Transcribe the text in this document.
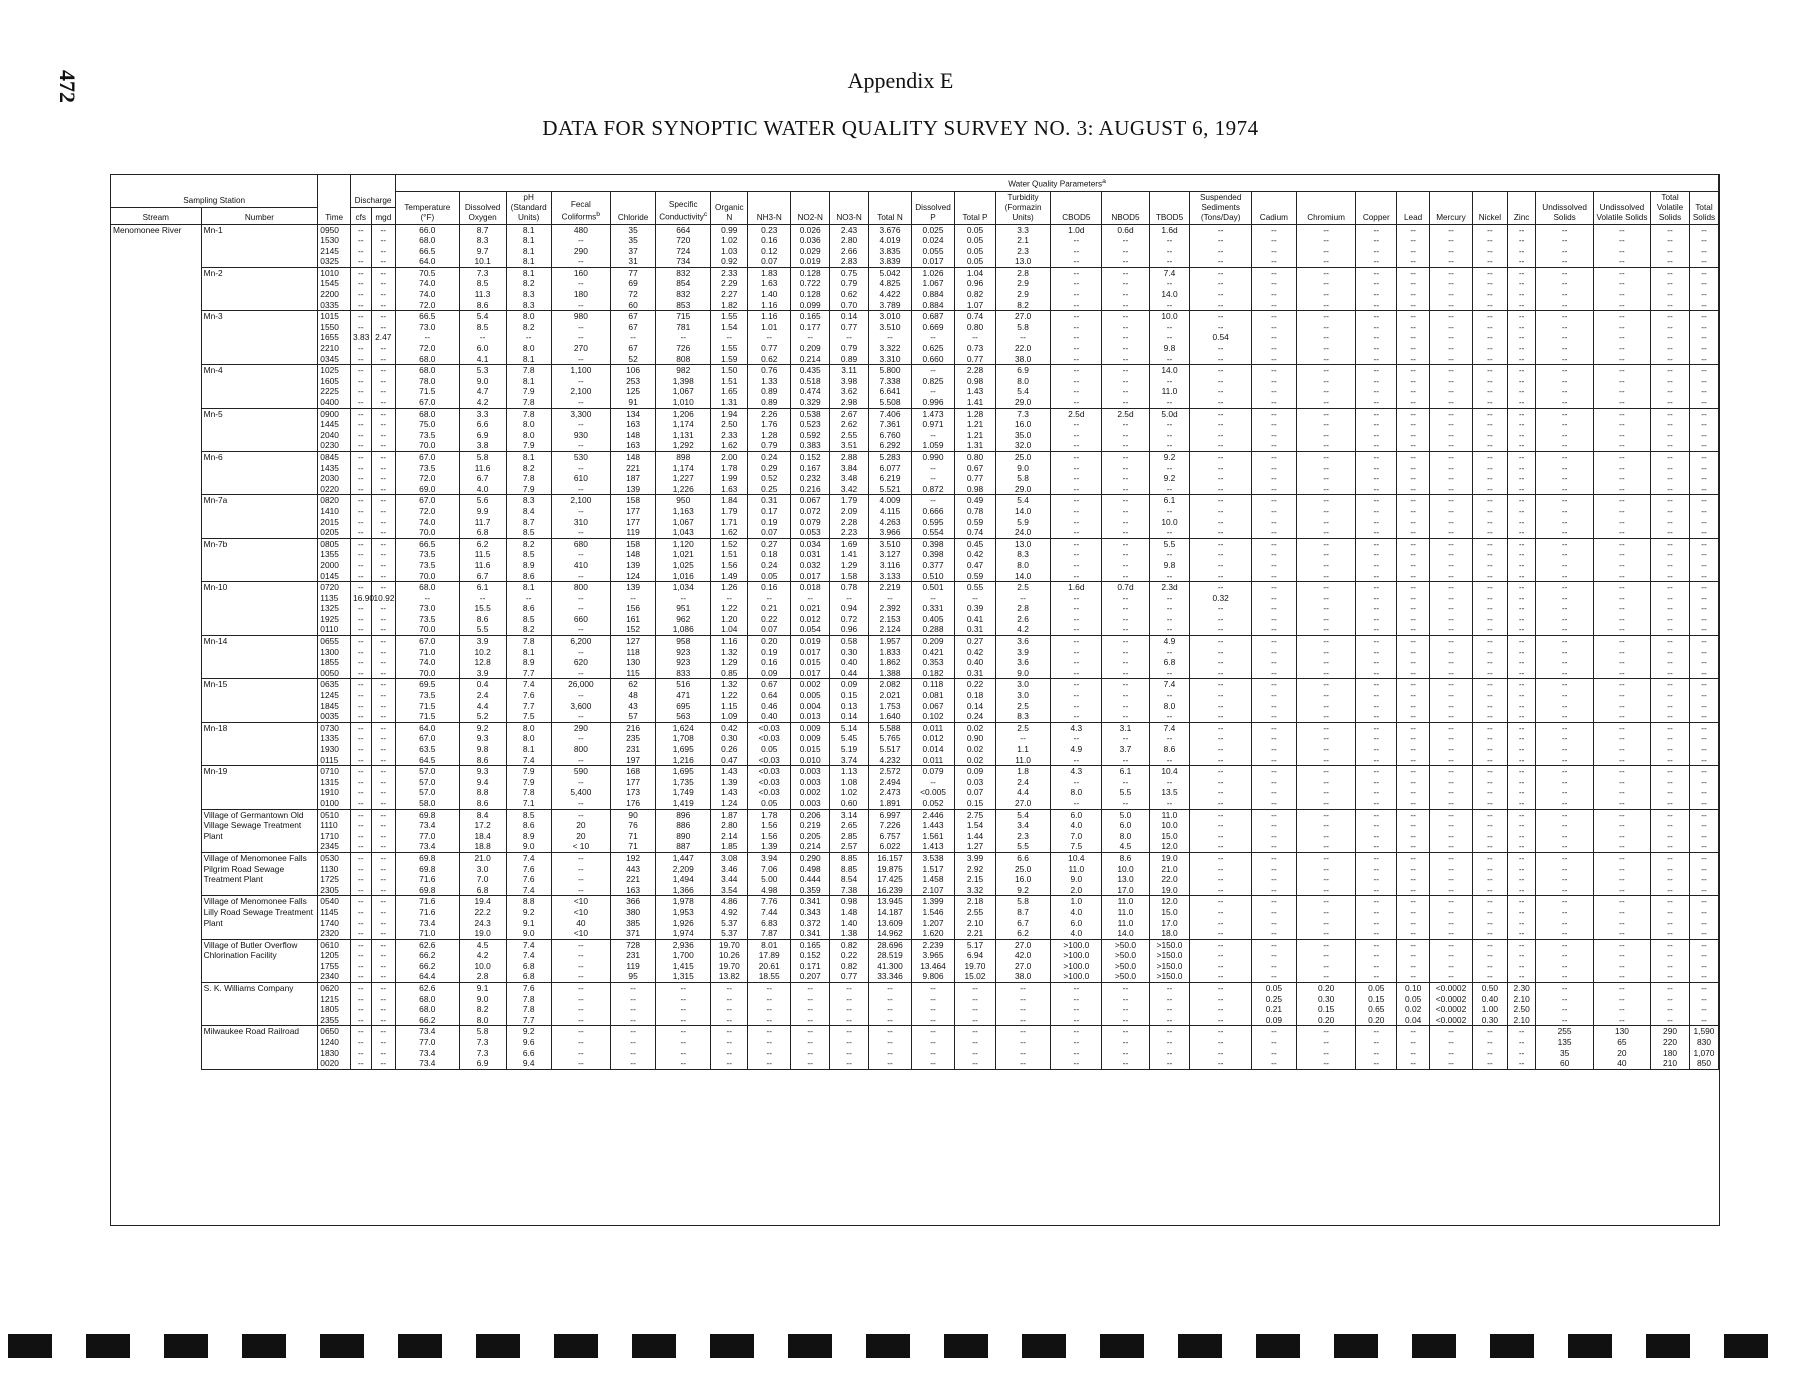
472	Appendix E
DATA FOR SYNOPTIC WATER QUALITY SURVEY NO. 3: AUGUST 6, 1974
		Time	Discharge		Water Quality Parameters$^a$
Sampling Station					Temperature (°F)	Dissolved Oxygen	pH (Standard Units)	Fecal Coliforms$^b$	Chloride	Specific Conductivity$^c$	Organic N	NH3-N	NO2-N	NO3-N	Total N	Dissolved P	Total P	Turbidity (Formazin Units)	CBOD5	NBOD5	TBOD5	Suspended Sediments (Tons/Day)	Cadium	Chromium	Copper	Lead	Mercury	Nickel	Zinc	Undissolved Solids	Undissolved Volatile Solids	Total Volatile Solids	Total Solids
Stream	Number		cfs	mgd																													
Menomonee River	Mn-1	0950	--	--	66.0	8.7	8.1	480	35	664	0.99	0.23	0.026	2.43	3.676	0.025	0.05	3.3	1.0d	0.6d	1.6d	--	--	--	--	--	--	--	--	--	--	--	--
		1530	--	--	68.0	8.3	8.1	--	35	720	1.02	0.16	0.036	2.80	4.019	0.024	0.05	2.1	--	--	--	--	--	--	--	--	--	--	--	--	--	--	--
		2145	--	--	66.5	9.7	8.1	290	37	724	1.03	0.12	0.029	2.66	3.835	0.055	0.05	2.3	--	--	--	--	--	--	--	--	--	--	--	--	--	--	--
		0325	--	--	64.0	10.1	8.1	--	31	734	0.92	0.07	0.019	2.83	3.839	0.017	0.05	13.0	--	--	--	--	--	--	--	--	--	--	--	--	--	--	--
	Mn-2	1010	--	--	70.5	7.3	8.1	160	77	832	2.33	1.83	0.128	0.75	5.042	1.026	1.04	2.8	--	--	7.4	--	--	--	--	--	--	--	--	--	--	--	--
		1545	--	--	74.0	8.5	8.2	--	69	854	2.29	1.63	0.722	0.79	4.825	1.067	0.96	2.9	--	--	--	--	--	--	--	--	--	--	--	--	--	--	--
		2200	--	--	74.0	11.3	8.3	180	72	832	2.27	1.40	0.128	0.62	4.422	0.884	0.82	2.9	--	--	14.0	--	--	--	--	--	--	--	--	--	--	--	--
		0335	--	--	72.0	8.6	8.3	--	60	853	1.82	1.16	0.099	0.70	3.789	0.884	1.07	8.2	--	--	--	--	--	--	--	--	--	--	--	--	--	--	--
	Mn-3	1015	--	--	66.5	5.4	8.0	980	67	715	1.55	1.16	0.165	0.14	3.010	0.687	0.74	27.0	--	--	10.0	--	--	--	--	--	--	--	--	--	--	--	--
		1550	--	--	73.0	8.5	8.2	--	67	781	1.54	1.01	0.177	0.77	3.510	0.669	0.80	5.8	--	--	--	--	--	--	--	--	--	--	--	--	--	--	--
		1655	3.83	2.47	--	--	--	--	--	--	--	--	--	--	--	--	--	--	--	--	--	0.54	--	--	--	--	--	--	--	--	--	--	--
		2210	--	--	72.0	6.0	8.0	270	67	726	1.55	0.77	0.209	0.79	3.322	0.625	0.73	22.0	--	--	9.8	--	--	--	--	--	--	--	--	--	--	--	--
		0345	--	--	68.0	4.1	8.1	--	52	808	1.59	0.62	0.214	0.89	3.310	0.660	0.77	38.0	--	--	--	--	--	--	--	--	--	--	--	--	--	--	--
	Mn-4	1025	--	--	68.0	5.3	7.8	1,100	106	982	1.50	0.76	0.435	3.11	5.800	--	2.28	6.9	--	--	14.0	--	--	--	--	--	--	--	--	--	--	--	--
		1605	--	--	78.0	9.0	8.1	--	253	1,398	1.51	1.33	0.518	3.98	7.338	0.825	0.98	8.0	--	--	--	--	--	--	--	--	--	--	--	--	--	--	--
		2225	--	--	71.5	4.7	7.9	2,100	125	1,067	1.65	0.89	0.474	3.62	6.641	--	1.43	5.4	--	--	11.0	--	--	--	--	--	--	--	--	--	--	--	--
		0400	--	--	67.0	4.2	7.8	--	91	1,010	1.31	0.89	0.329	2.98	5.508	0.996	1.41	29.0	--	--	--	--	--	--	--	--	--	--	--	--	--	--	--
	Mn-5	0900	--	--	68.0	3.3	7.8	3,300	134	1,206	1.94	2.26	0.538	2.67	7.406	1.473	1.28	7.3	2.5d	2.5d	5.0d	--	--	--	--	--	--	--	--	--	--	--	--
		1445	--	--	75.0	6.6	8.0	--	163	1,174	2.50	1.76	0.523	2.62	7.361	0.971	1.21	16.0	--	--	--	--	--	--	--	--	--	--	--	--	--	--	--
		2040	--	--	73.5	6.9	8.0	930	148	1,131	2.33	1.28	0.592	2.55	6.760	--	1.21	35.0	--	--	--	--	--	--	--	--	--	--	--	--	--	--	--
		0230	--	--	70.0	3.8	7.9	--	163	1,292	1.62	0.79	0.383	3.51	6.292	1.059	1.31	32.0	--	--	--	--	--	--	--	--	--	--	--	--	--	--	--
	Mn-6	0845	--	--	67.0	5.8	8.1	530	148	898	2.00	0.24	0.152	2.88	5.283	0.990	0.80	25.0	--	--	9.2	--	--	--	--	--	--	--	--	--	--	--	--
		1435	--	--	73.5	11.6	8.2	--	221	1,174	1.78	0.29	0.167	3.84	6.077	--	0.67	9.0	--	--	--	--	--	--	--	--	--	--	--	--	--	--	--
		2030	--	--	72.0	6.7	7.8	610	187	1,227	1.99	0.52	0.232	3.48	6.219	--	0.77	5.8	--	--	9.2	--	--	--	--	--	--	--	--	--	--	--	--
		0220	--	--	69.0	4.0	7.9	--	139	1,226	1.63	0.25	0.216	3.42	5.521	0.872	0.98	29.0	--	--	--	--	--	--	--	--	--	--	--	--	--	--	--
	Mn-7a	0820	--	--	67.0	5.6	8.3	2,100	158	950	1.84	0.31	0.067	1.79	4.009	--	0.49	5.4	--	--	6.1	--	--	--	--	--	--	--	--	--	--	--	--
		1410	--	--	72.0	9.9	8.4	--	177	1,163	1.79	0.17	0.072	2.09	4.115	0.666	0.78	14.0	--	--	--	--	--	--	--	--	--	--	--	--	--	--	--
		2015	--	--	74.0	11.7	8.7	310	177	1,067	1.71	0.19	0.079	2.28	4.263	0.595	0.59	5.9	--	--	10.0	--	--	--	--	--	--	--	--	--	--	--	--
		0205	--	--	70.0	6.8	8.5	--	119	1,043	1.62	0.07	0.053	2.23	3.966	0.554	0.74	24.0	--	--	--	--	--	--	--	--	--	--	--	--	--	--	--
	Mn-7b	0805	--	--	66.5	6.2	8.2	680	158	1,120	1.52	0.27	0.034	1.69	3.510	0.398	0.45	13.0	--	--	5.5	--	--	--	--	--	--	--	--	--	--	--	--
		1355	--	--	73.5	11.5	8.5	--	148	1,021	1.51	0.18	0.031	1.41	3.127	0.398	0.42	8.3	--	--	--	--	--	--	--	--	--	--	--	--	--	--	--
		2000	--	--	73.5	11.6	8.9	410	139	1,025	1.56	0.24	0.032	1.29	3.116	0.377	0.47	8.0	--	--	9.8	--	--	--	--	--	--	--	--	--	--	--	--
		0145	--	--	70.0	6.7	8.6	--	124	1,016	1.49	0.05	0.017	1.58	3.133	0.510	0.59	14.0	--	--	--	--	--	--	--	--	--	--	--	--	--	--	--
	Mn-10	0720	--	--	68.0	6.1	8.1	800	139	1,034	1.26	0.16	0.018	0.78	2.219	0.501	0.55	2.5	1.6d	0.7d	2.3d	--	--	--	--	--	--	--	--	--	--	--	--
		1135	16.90	10.92	--	--	--	--	--	--	--	--	--	--	--	--	--	--	--	--	--	0.32	--	--	--	--	--	--	--	--	--	--	--
		1325	--	--	73.0	15.5	8.6	--	156	951	1.22	0.21	0.021	0.94	2.392	0.331	0.39	2.8	--	--	--	--	--	--	--	--	--	--	--	--	--	--	--
		1925	--	--	73.5	8.6	8.5	660	161	962	1.20	0.22	0.012	0.72	2.153	0.405	0.41	2.6	--	--	--	--	--	--	--	--	--	--	--	--	--	--	--
		0110	--	--	70.0	5.5	8.2	--	152	1,086	1.04	0.07	0.054	0.96	2.124	0.288	0.31	4.2	--	--	--	--	--	--	--	--	--	--	--	--	--	--	--
	Mn-14	0655	--	--	67.0	3.9	7.8	6,200	127	958	1.16	0.20	0.019	0.58	1.957	0.209	0.27	3.6	--	--	4.9	--	--	--	--	--	--	--	--	--	--	--	--
		1300	--	--	71.0	10.2	8.1	--	118	923	1.32	0.19	0.017	0.30	1.833	0.421	0.42	3.9	--	--	--	--	--	--	--	--	--	--	--	--	--	--	--
		1855	--	--	74.0	12.8	8.9	620	130	923	1.29	0.16	0.015	0.40	1.862	0.353	0.40	3.6	--	--	6.8	--	--	--	--	--	--	--	--	--	--	--	--
		0050	--	--	70.0	3.9	7.7	--	115	833	0.85	0.09	0.017	0.44	1.388	0.182	0.31	9.0	--	--	--	--	--	--	--	--	--	--	--	--	--	--	--
	Mn-15	0635	--	--	69.5	0.4	7.4	26,000	62	516	1.32	0.67	0.002	0.09	2.082	0.118	0.22	3.0	--	--	7.4	--	--	--	--	--	--	--	--	--	--	--	--
		1245	--	--	73.5	2.4	7.6	--	48	471	1.22	0.64	0.005	0.15	2.021	0.081	0.18	3.0	--	--	--	--	--	--	--	--	--	--	--	--	--	--	--
		1845	--	--	71.5	4.4	7.7	3,600	43	695	1.15	0.46	0.004	0.13	1.753	0.067	0.14	2.5	--	--	8.0	--	--	--	--	--	--	--	--	--	--	--	--
		0035	--	--	71.5	5.2	7.5	--	57	563	1.09	0.40	0.013	0.14	1.640	0.102	0.24	8.3	--	--	--	--	--	--	--	--	--	--	--	--	--	--	--
	Mn-18	0730	--	--	64.0	9.2	8.0	290	216	1,624	0.42	<0.03	0.009	5.14	5.588	0.011	0.02	2.5	4.3	3.1	7.4	--	--	--	--	--	--	--	--	--	--	--	--
		1335	--	--	67.0	9.3	8.0	--	235	1,708	0.30	<0.03	0.009	5.45	5.765	0.012	0.90	--	--	--	--	--	--	--	--	--	--	--	--	--	--	--	--
		1930	--	--	63.5	9.8	8.1	800	231	1,695	0.26	0.05	0.015	5.19	5.517	0.014	0.02	1.1	4.9	3.7	8.6	--	--	--	--	--	--	--	--	--	--	--	--
		0115	--	--	64.5	8.6	7.4	--	197	1,216	0.47	<0.03	0.010	3.74	4.232	0.011	0.02	11.0	--	--	--	--	--	--	--	--	--	--	--	--	--	--	--
	Mn-19	0710	--	--	57.0	9.3	7.9	590	168	1,695	1.43	<0.03	0.003	1.13	2.572	0.079	0.09	1.8	4.3	6.1	10.4	--	--	--	--	--	--	--	--	--	--	--	--
		1315	--	--	57.0	9.4	7.9	--	177	1,735	1.39	<0.03	0.003	1.08	2.494	--	0.03	2.4	--	--	--	--	--	--	--	--	--	--	--	--	--	--	--
		1910	--	--	57.0	8.8	7.8	5,400	173	1,749	1.43	<0.03	0.002	1.02	2.473	<0.005	0.07	4.4	8.0	5.5	13.5	--	--	--	--	--	--	--	--	--	--	--	--
		0100	--	--	58.0	8.6	7.1	--	176	1,419	1.24	0.05	0.003	0.60	1.891	0.052	0.15	27.0	--	--	--	--	--	--	--	--	--	--	--	--	--	--	--
	Village of Germantown Old Village Sewage Treatment Plant	0510	--	--	69.8	8.4	8.5	--	90	896	1.87	1.78	0.206	3.14	6.997	2.446	2.75	5.4	6.0	5.0	11.0	--	--	--	--	--	--	--	--	--	--	--	--
		1110	--	--	73.4	17.2	8.6	20	76	886	2.80	1.56	0.219	2.65	7.226	1.443	1.54	3.4	4.0	6.0	10.0	--	--	--	--	--	--	--	--	--	--	--	--
		1710	--	--	77.0	18.4	8.9	20	71	890	2.14	1.56	0.205	2.85	6.757	1.561	1.44	2.3	7.0	8.0	15.0	--	--	--	--	--	--	--	--	--	--	--	--
		2345	--	--	73.4	18.8	9.0	< 10	71	887	1.85	1.39	0.214	2.57	6.022	1.413	1.27	5.5	7.5	4.5	12.0	--	--	--	--	--	--	--	--	--	--	--	--
	Village of Menomonee Falls Pilgrim Road Sewage Treatment Plant	0530	--	--	69.8	21.0	7.4	--	192	1,447	3.08	3.94	0.290	8.85	16.157	3.538	3.99	6.6	10.4	8.6	19.0	--	--	--	--	--	--	--	--	--	--	--	--
		1130	--	--	69.8	3.0	7.6	--	443	2,209	3.46	7.06	0.498	8.85	19.875	1.517	2.92	25.0	11.0	10.0	21.0	--	--	--	--	--	--	--	--	--	--	--	--
		1725	--	--	71.6	7.0	7.6	--	221	1,494	3.44	5.00	0.444	8.54	17.425	1.458	2.15	16.0	9.0	13.0	22.0	--	--	--	--	--	--	--	--	--	--	--	--
		2305	--	--	69.8	6.8	7.4	--	163	1,366	3.54	4.98	0.359	7.38	16.239	2.107	3.32	9.2	2.0	17.0	19.0	--	--	--	--	--	--	--	--	--	--	--	--
	Village of Menomonee Falls Lilly Road Sewage Treatment Plant	0540	--	--	71.6	19.4	8.8	<10	366	1,978	4.86	7.76	0.341	0.98	13.945	1.399	2.18	5.8	1.0	11.0	12.0	--	--	--	--	--	--	--	--	--	--	--	--
		1145	--	--	71.6	22.2	9.2	<10	380	1,953	4.92	7.44	0.343	1.48	14.187	1.546	2.55	8.7	4.0	11.0	15.0	--	--	--	--	--	--	--	--	--	--	--	--
		1740	--	--	73.4	24.3	9.1	40	385	1,926	5.37	6.83	0.372	1.40	13.609	1.207	2.10	6.7	6.0	11.0	17.0	--	--	--	--	--	--	--	--	--	--	--	--
		2320	--	--	71.0	19.0	9.0	<10	371	1,974	5.37	7.87	0.341	1.38	14.962	1.620	2.21	6.2	4.0	14.0	18.0	--	--	--	--	--	--	--	--	--	--	--	--
	Village of Butler Overflow Chlorination Facility	0610	--	--	62.6	4.5	7.4	--	728	2,936	19.70	8.01	0.165	0.82	28.696	2.239	5.17	27.0	>100.0	>50.0	>150.0	--	--	--	--	--	--	--	--	--	--	--	--
		1205	--	--	66.2	4.2	7.4	--	231	1,700	10.26	17.89	0.152	0.22	28.519	3.965	6.94	42.0	>100.0	>50.0	>150.0	--	--	--	--	--	--	--	--	--	--	--	--
		1755	--	--	66.2	10.0	6.8	--	119	1,415	19.70	20.61	0.171	0.82	41.300	13.464	19.70	27.0	>100.0	>50.0	>150.0	--	--	--	--	--	--	--	--	--	--	--	--
		2340	--	--	64.4	2.8	6.8	--	95	1,315	13.82	18.55	0.207	0.77	33.346	9.806	15.02	38.0	>100.0	>50.0	>150.0	--	--	--	--	--	--	--	--	--	--	--	--
	S. K. Williams Company	0620	--	--	62.6	9.1	7.6	--	--	--	--	--	--	--	--	--	--	--	--	--	--	--	0.05	0.20	0.05	0.10	<0.0002	0.50	2.30	--	--	--	--
		1215	--	--	68.0	9.0	7.8	--	--	--	--	--	--	--	--	--	--	--	--	--	--	--	0.25	0.30	0.15	0.05	<0.0002	0.40	2.10	--	--	--	--
		1805	--	--	68.0	8.2	7.8	--	--	--	--	--	--	--	--	--	--	--	--	--	--	--	0.21	0.15	0.65	0.02	<0.0002	1.00	2.50	--	--	--	--
		2355	--	--	66.2	8.0	7.7	--	--	--	--	--	--	--	--	--	--	--	--	--	--	--	0.09	0.20	0.20	0.04	<0.0002	0.30	2.10	--	--	--	--
	Milwaukee Road Railroad	0650	--	--	73.4	5.8	9.2	--	--	--	--	--	--	--	--	--	--	--	--	--	--	--	--	--	--	--	--	--	--	255	130	290	1,590
		1240	--	--	77.0	7.3	9.6	--	--	--	--	--	--	--	--	--	--	--	--	--	--	--	--	--	--	--	--	--	--	135	65	220	830
		1830	--	--	73.4	7.3	6.6	--	--	--	--	--	--	--	--	--	--	--	--	--	--	--	--	--	--	--	--	--	--	35	20	180	1,070
		0020	--	--	73.4	6.9	9.4	--	--	--	--	--	--	--	--	--	--	--	--	--	--	--	--	--	--	--	--	--	--	60	40	210	850
